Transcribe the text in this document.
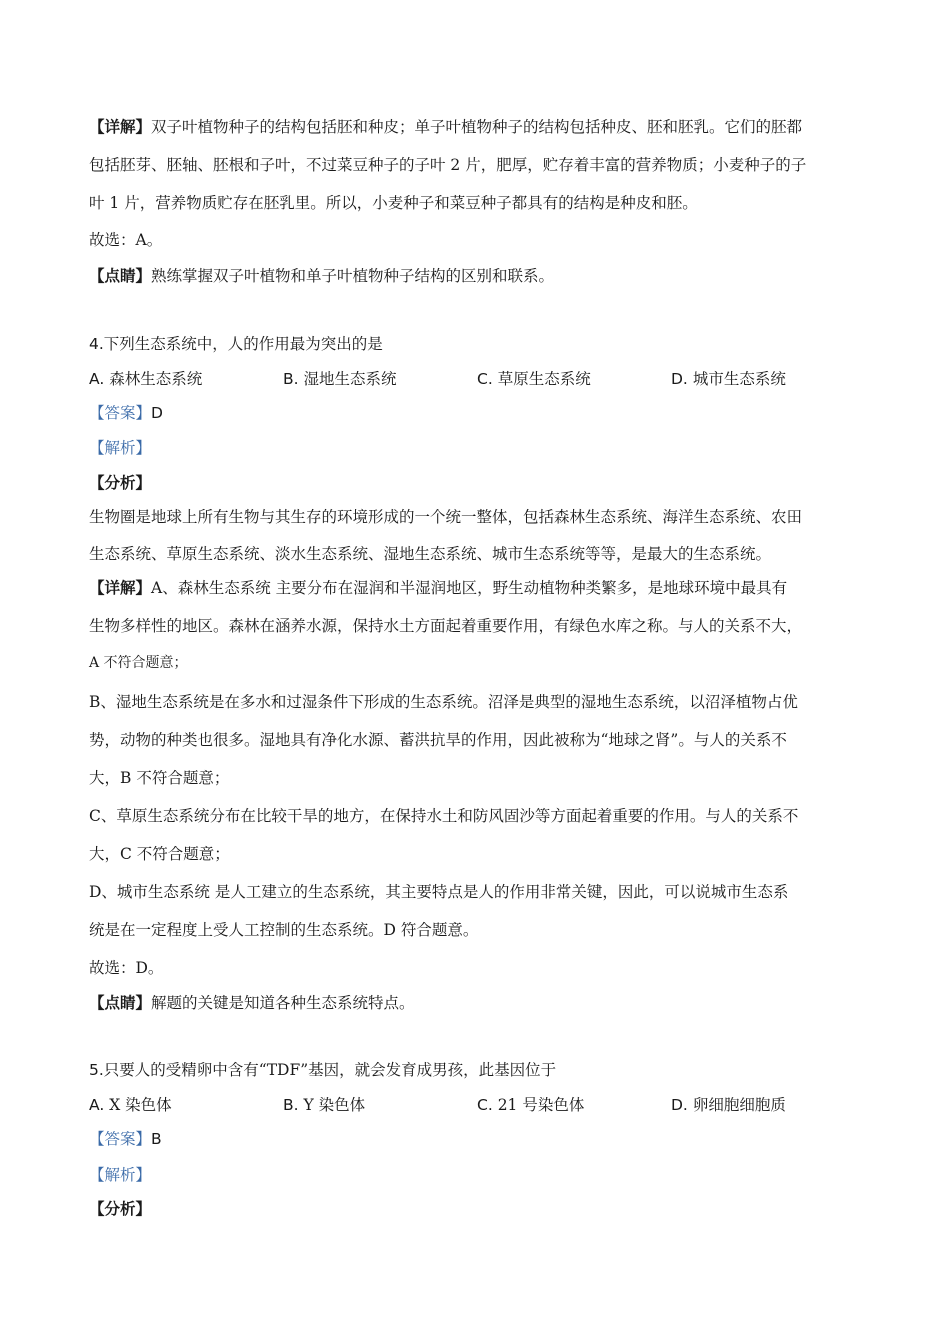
【详解】双子叶植物种子的结构包括胚和种皮；单子叶植物种子的结构包括种皮、胚和胚乳。它们的胚都
包括胚芽、胚轴、胚根和子叶，不过菜豆种子的子叶 2 片，肥厚，贮存着丰富的营养物质；小麦种子的子
叶 1 片，营养物质贮存在胚乳里。所以，小麦种子和菜豆种子都具有的结构是种皮和胚。
故选：A。
【点睛】熟练掌握双子叶植物和单子叶植物种子结构的区别和联系。
4.下列生态系统中，人的作用最为突出的是
A. 森林生态系统	B. 湿地生态系统	C. 草原生态系统	D. 城市生态系统
【答案】D
【解析】
【分析】
生物圈是地球上所有生物与其生存的环境形成的一个统一整体，包括森林生态系统、海洋生态系统、农田
生态系统、草原生态系统、淡水生态系统、湿地生态系统、城市生态系统等等，是最大的生态系统。
【详解】A、森林生态系统 主要分布在湿润和半湿润地区，野生动植物种类繁多，是地球环境中最具有
生物多样性的地区。森林在涵养水源，保持水土方面起着重要作用，有绿色水库之称。与人的关系不大，
A 不符合题意；
B、湿地生态系统是在多水和过湿条件下形成的生态系统。沼泽是典型的湿地生态系统，以沼泽植物占优
势，动物的种类也很多。湿地具有净化水源、蓄洪抗旱的作用，因此被称为“地球之肾”。与人的关系不
大，B 不符合题意；
C、草原生态系统分布在比较干旱的地方，在保持水土和防风固沙等方面起着重要的作用。与人的关系不
大，C 不符合题意；
D、城市生态系统 是人工建立的生态系统，其主要特点是人的作用非常关键，因此，可以说城市生态系
统是在一定程度上受人工控制的生态系统。D 符合题意。
故选：D。
【点睛】解题的关键是知道各种生态系统特点。
5.只要人的受精卵中含有“TDF”基因，就会发育成男孩，此基因位于
A. X 染色体	B. Y 染色体	C. 21 号染色体	D. 卵细胞细胞质
【答案】B
【解析】
【分析】
